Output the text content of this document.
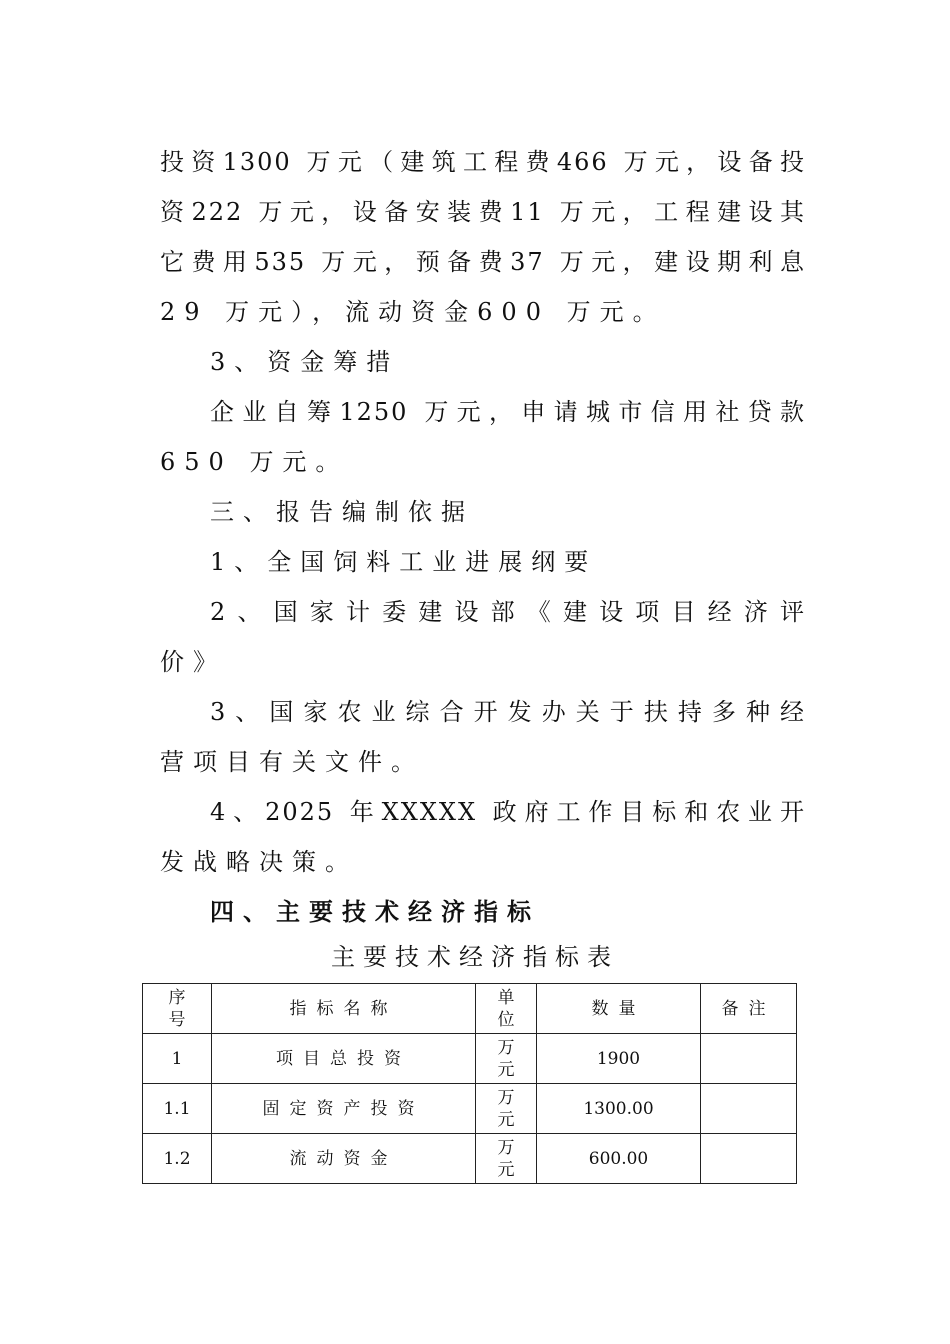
投资1300 万元（建筑工程费466 万元，设备投
资222 万元，设备安装费11 万元，工程建设其
它费用535 万元，预备费37 万元，建设期利息
29 万元），流动资金600 万元。
3、资金筹措
企业自筹1250 万元，申请城市信用社贷款
650 万元。
三、报告编制依据
1、全国饲料工业进展纲要
2、国家计委建设部《建设项目经济评
价》
3、国家农业综合开发办关于扶持多种经
营项目有关文件。
4、2025 年XXXXX 政府工作目标和农业开
发战略决策。
四、主要技术经济指标
主要技术经济指标表
序号	指标名称	单位	数量	备注
1	项目总投资	万元	1900	
1.1	固定资产投资	万元	1300.00	
1.2	流动资金	万元	600.00	
